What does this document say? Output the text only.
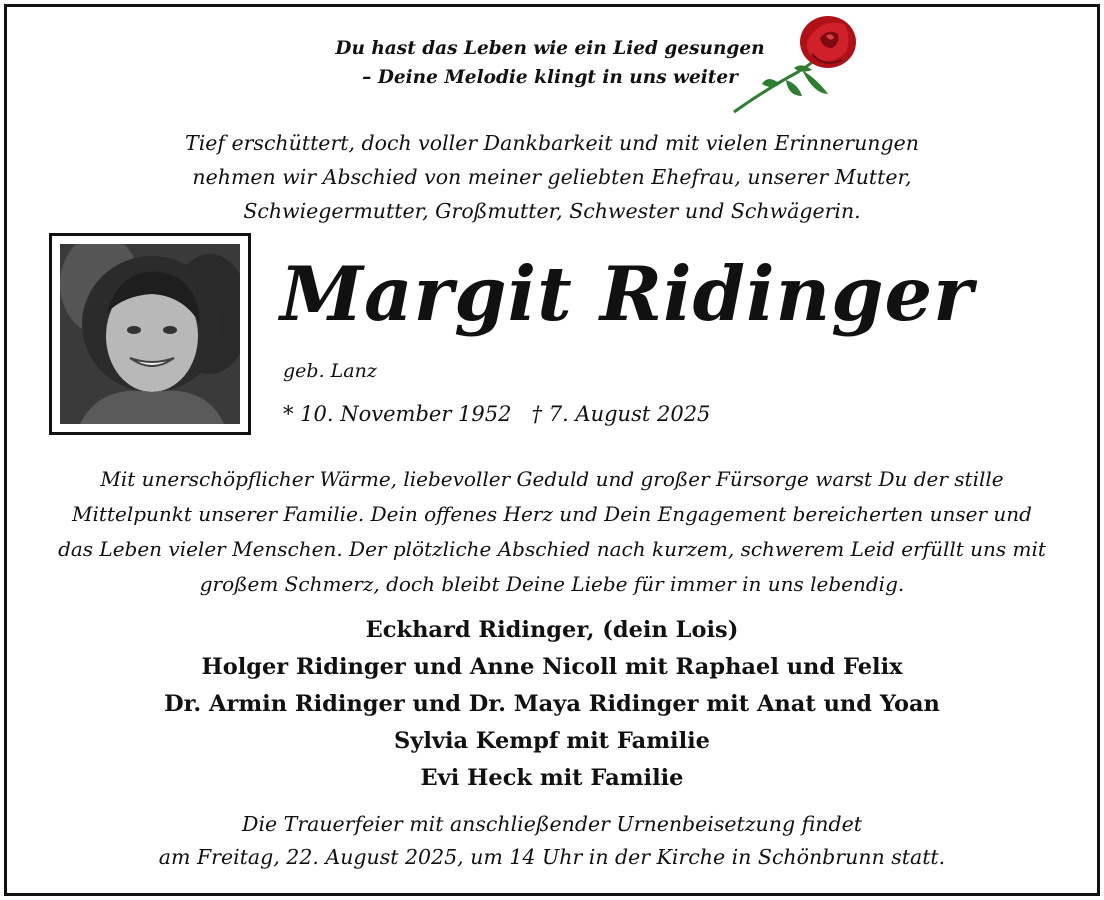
Du hast das Leben wie ein Lied gesungen
– Deine Melodie klingt in uns weiter
Tief erschüttert, doch voller Dankbarkeit und mit vielen Erinnerungen
nehmen wir Abschied von meiner geliebten Ehefrau, unserer Mutter,
Schwiegermutter, Großmutter, Schwester und Schwägerin.
Margit Ridinger
geb. Lanz
* 10. November 1952 † 7. August 2025
Mit unerschöpflicher Wärme, liebevoller Geduld und großer Fürsorge warst Du der stille
Mittelpunkt unserer Familie. Dein offenes Herz und Dein Engagement bereicherten unser und
das Leben vieler Menschen. Der plötzliche Abschied nach kurzem, schwerem Leid erfüllt uns mit
großem Schmerz, doch bleibt Deine Liebe für immer in uns lebendig.
Eckhard Ridinger, (dein Lois)
Holger Ridinger und Anne Nicoll mit Raphael und Felix
Dr. Armin Ridinger und Dr. Maya Ridinger mit Anat und Yoan
Sylvia Kempf mit Familie
Evi Heck mit Familie
Die Trauerfeier mit anschließender Urnenbeisetzung findet
am Freitag, 22. August 2025, um 14 Uhr in der Kirche in Schönbrunn statt.
